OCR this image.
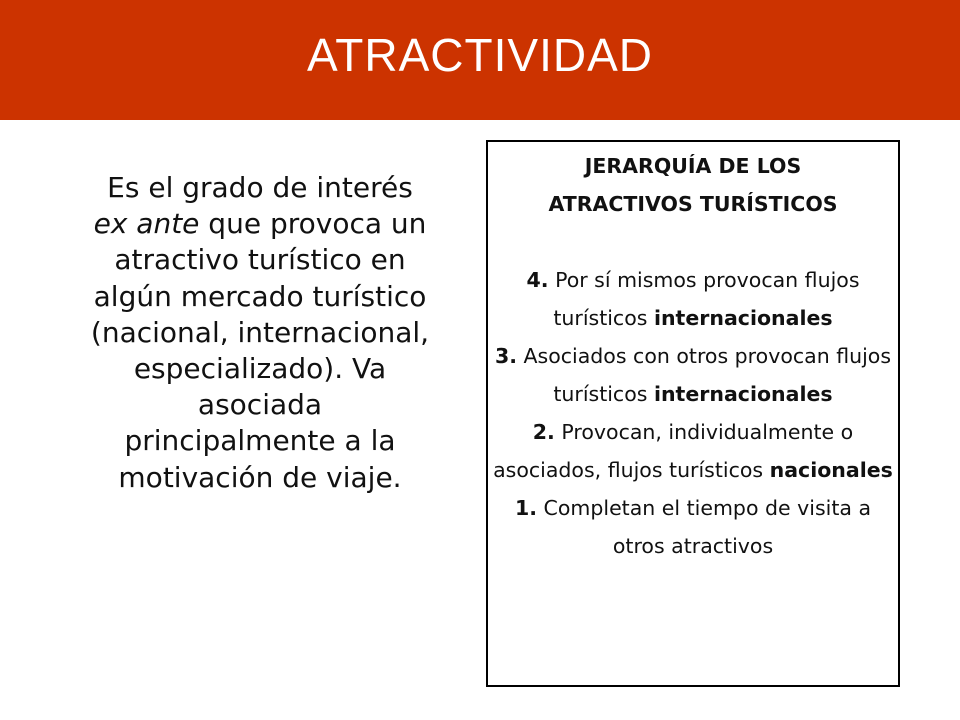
ATRACTIVIDAD
Es el grado de interés ex ante que provoca un atractivo turístico en algún mercado turístico (nacional, internacional, especializado). Va asociada principalmente a la motivación de viaje.
JERARQUÍA DE LOS
ATRACTIVOS TURÍSTICOS
4. Por sí mismos provocan flujos turísticos internacionales
3. Asociados con otros provocan flujos turísticos internacionales
2. Provocan, individualmente o asociados, flujos turísticos nacionales
1. Completan el tiempo de visita a otros atractivos
